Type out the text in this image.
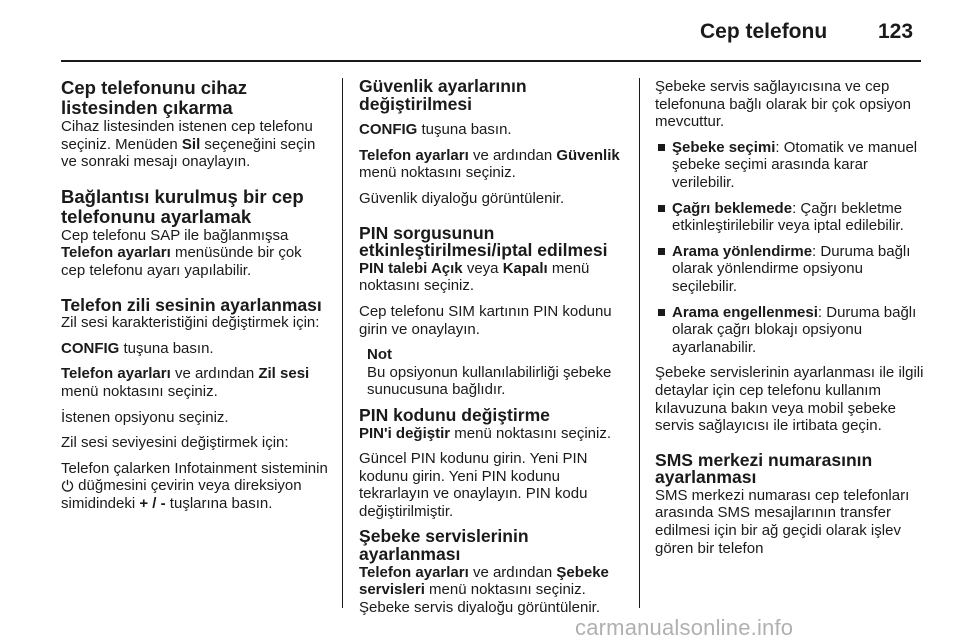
Cep telefonu 123
Cep telefonunu cihaz listesinden çıkarma

Cihaz listesinden istenen cep telefonu seçiniz. Menüden Sil seçeneğini seçin ve sonraki mesajı onaylayın.

Bağlantısı kurulmuş bir cep telefonunu ayarlamak

Cep telefonu SAP ile bağlanmışsa Telefon ayarları menüsünde bir çok cep telefonu ayarı yapılabilir.

Telefon zili sesinin ayarlanması

Zil sesi karakteristiğini değiştirmek için:

CONFIG tuşuna basın.

Telefon ayarları ve ardından Zil sesi menü noktasını seçiniz.

İstenen opsiyonu seçiniz.

Zil sesi seviyesini değiştirmek için:

Telefon çalarken Infotainment sisteminin  düğmesini çevirin veya direksiyon simidindeki + / - tuşlarına basın.

Güvenlik ayarlarının değiştirilmesi

CONFIG tuşuna basın.

Telefon ayarları ve ardından Güvenlik menü noktasını seçiniz.

Güvenlik diyaloğu görüntülenir.

PIN sorgusunun etkinleştirilmesi/iptal edilmesi

PIN talebi Açık veya Kapalı menü noktasını seçiniz.

Cep telefonu SIM kartının PIN kodunu girin ve onaylayın.

Not
Bu opsiyonun kullanılabilirliği şebeke sunucusuna bağlıdır.
PIN kodunu değiştirme

PIN'i değiştir menü noktasını seçiniz.

Güncel PIN kodunu girin. Yeni PIN kodunu girin. Yeni PIN kodunu tekrarlayın ve onaylayın. PIN kodu değiştirilmiştir.

Şebeke servislerinin ayarlanması

Telefon ayarları ve ardından Şebeke servisleri menü noktasını seçiniz.

Şebeke servis diyaloğu görüntülenir.

Şebeke servis sağlayıcısına ve cep telefonuna bağlı olarak bir çok opsiyon mevcuttur.

Şebeke seçimi: Otomatik ve manuel şebeke seçimi arasında karar verilebilir.
Çağrı beklemede: Çağrı bekletme etkinleştirilebilir veya iptal edilebilir.
Arama yönlendirme: Duruma bağlı olarak yönlendirme opsiyonu seçilebilir.
Arama engellenmesi: Duruma bağlı olarak çağrı blokajı opsiyonu ayarlanabilir.

Şebeke servislerinin ayarlanması ile ilgili detaylar için cep telefonu kullanım kılavuzuna bakın veya mobil şebeke servis sağlayıcısı ile irtibata geçin.

SMS merkezi numarasının ayarlanması

SMS merkezi numarası cep telefonları arasında SMS mesajlarının transfer edilmesi için bir ağ geçidi olarak işlev gören bir telefon

carmanualsonline.info
